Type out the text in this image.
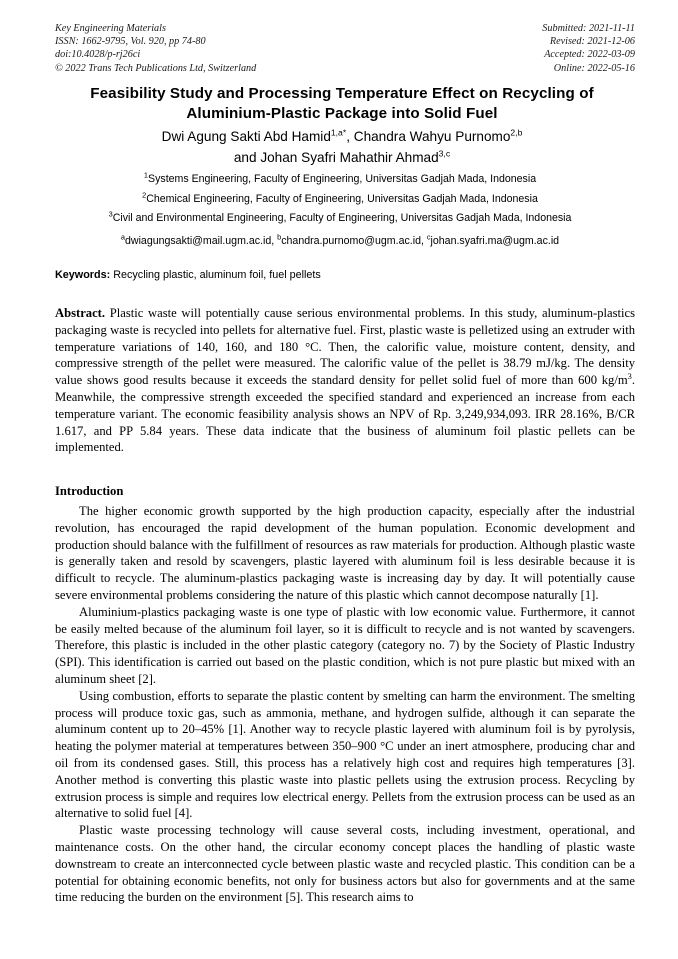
Key Engineering Materials
ISSN: 1662-9795, Vol. 920, pp 74-80
doi:10.4028/p-rj26ci
© 2022 Trans Tech Publications Ltd, Switzerland
Submitted: 2021-11-11
Revised: 2021-12-06
Accepted: 2022-03-09
Online: 2022-05-16
Feasibility Study and Processing Temperature Effect on Recycling of
Aluminium-Plastic Package into Solid Fuel
Dwi Agung Sakti Abd Hamid$^{1,a*}$, Chandra Wahyu Purnomo$^{2,b}$
and Johan Syafri Mahathir Ahmad$^{3,c}$
$^1$Systems Engineering, Faculty of Engineering, Universitas Gadjah Mada, Indonesia
$^2$Chemical Engineering, Faculty of Engineering, Universitas Gadjah Mada, Indonesia
$^3$Civil and Environmental Engineering, Faculty of Engineering, Universitas Gadjah Mada, Indonesia
$^a$dwiagungsakti@mail.ugm.ac.id, $^b$chandra.purnomo@ugm.ac.id, $^c$johan.syafri.ma@ugm.ac.id
Keywords: Recycling plastic, aluminum foil, fuel pellets
Abstract. Plastic waste will potentially cause serious environmental problems. In this study, aluminum-plastics packaging waste is recycled into pellets for alternative fuel. First, plastic waste is pelletized using an extruder with temperature variations of 140, 160, and 180 °C. Then, the calorific value, moisture content, density, and compressive strength of the pellet were measured. The calorific value of the pellet is 38.79 mJ/kg. The density value shows good results because it exceeds the standard density for pellet solid fuel of more than 600 $kg/m^3$. Meanwhile, the compressive strength exceeded the specified standard and experienced an increase from each temperature variant. The economic feasibility analysis shows an NPV of Rp. 3,249,934,093. IRR 28.16%, B/CR 1.617, and PP 5.84 years. These data indicate that the business of aluminum foil plastic pellets can be implemented.
Introduction

The higher economic growth supported by the high production capacity, especially after the industrial revolution, has encouraged the rapid development of the human population. Economic development and production should balance with the fulfillment of resources as raw materials for production. Although plastic waste is generally taken and resold by scavengers, plastic layered with aluminum foil is less desirable because it is difficult to recycle. The aluminum-plastics packaging waste is increasing day by day. It will potentially cause severe environmental problems considering the nature of this plastic which cannot decompose naturally [1].

Aluminium-plastics packaging waste is one type of plastic with low economic value. Furthermore, it cannot be easily melted because of the aluminum foil layer, so it is difficult to recycle and is not wanted by scavengers. Therefore, this plastic is included in the other plastic category (category no. 7) by the Society of Plastic Industry (SPI). This identification is carried out based on the plastic condition, which is not pure plastic but mixed with an aluminum sheet [2].

Using combustion, efforts to separate the plastic content by smelting can harm the environment. The smelting process will produce toxic gas, such as ammonia, methane, and hydrogen sulfide, although it can separate the aluminum content up to 20–45% [1]. Another way to recycle plastic layered with aluminum foil is by pyrolysis, heating the polymer material at temperatures between 350–900 °C under an inert atmosphere, producing char and oil from its condensed gases. Still, this process has a relatively high cost and requires high temperatures [3]. Another method is converting this plastic waste into plastic pellets using the extrusion process. Recycling by extrusion process is simple and requires low electrical energy. Pellets from the extrusion process can be used as an alternative to solid fuel [4].

Plastic waste processing technology will cause several costs, including investment, operational, and maintenance costs. On the other hand, the circular economy concept places the handling of plastic waste downstream to create an interconnected cycle between plastic waste and recycled plastic. This condition can be a potential for obtaining economic benefits, not only for business actors but also for governments and at the same time reducing the burden on the environment [5]. This research aims to
